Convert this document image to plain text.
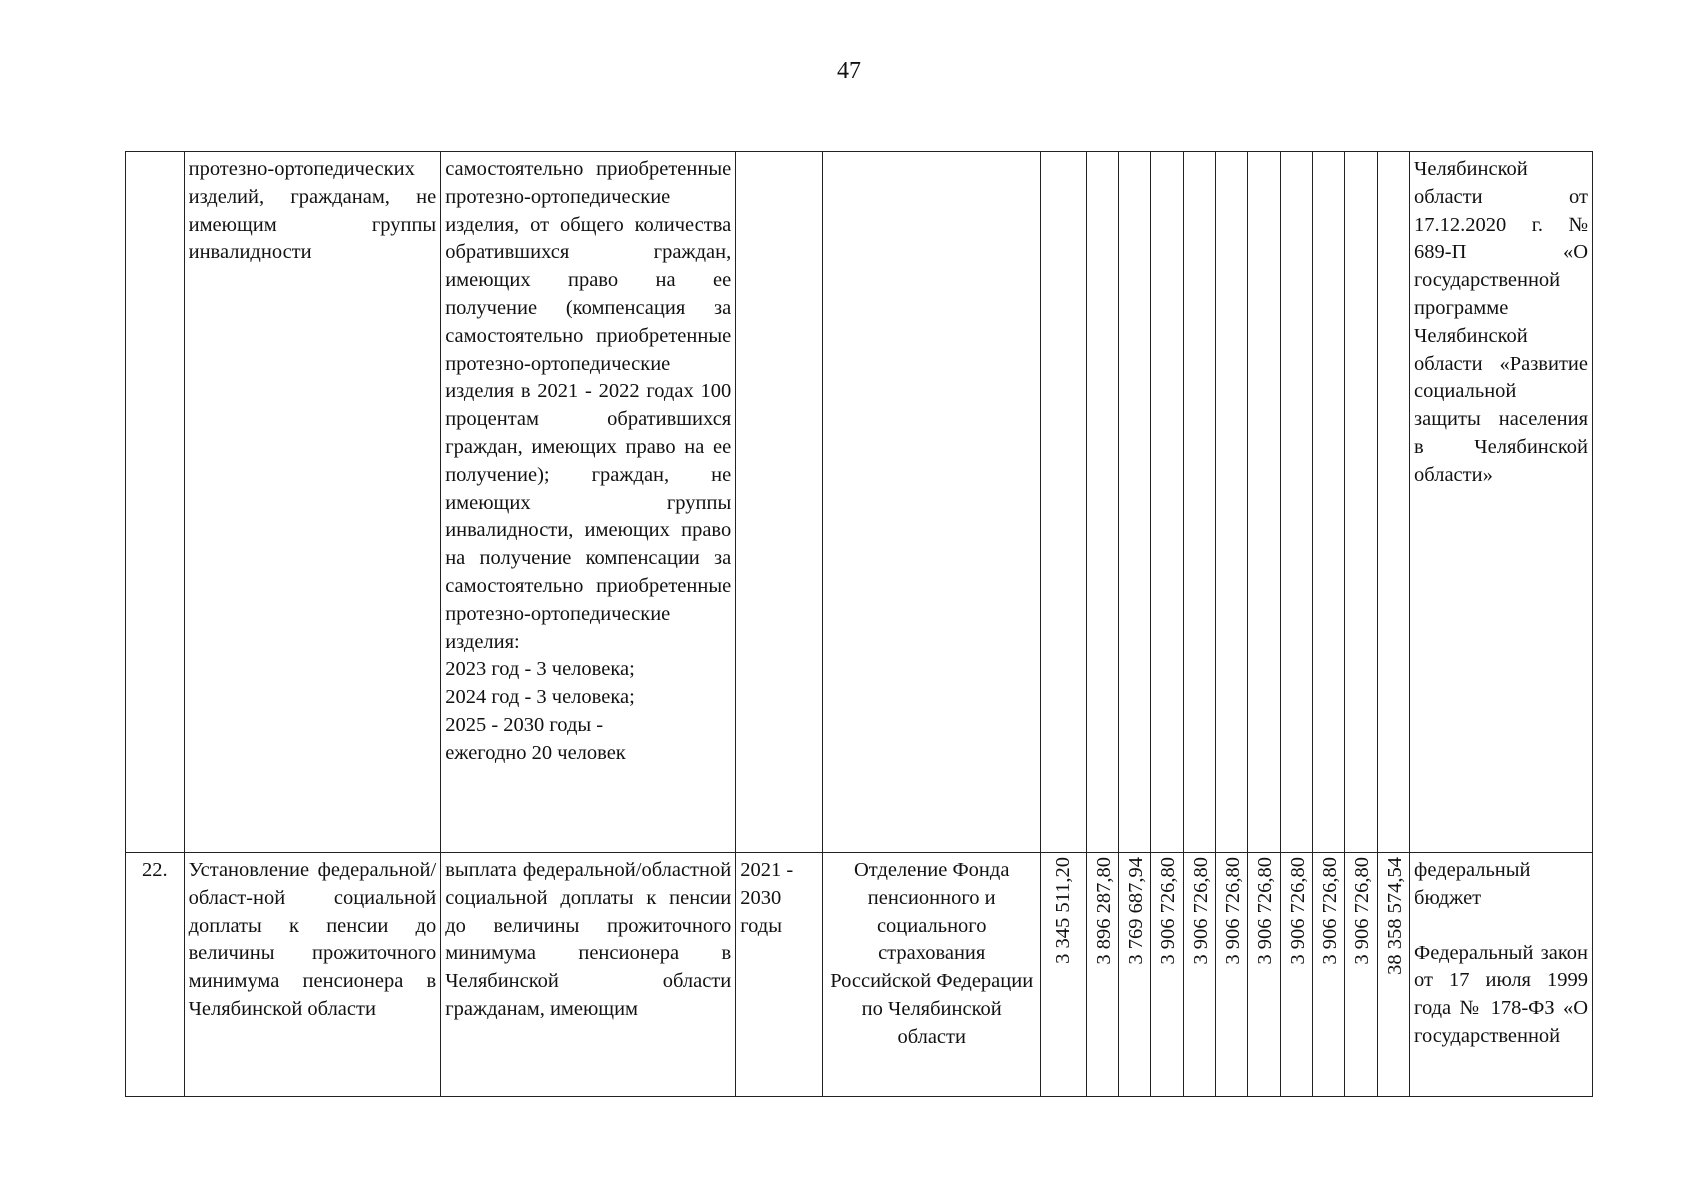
47
	протезно-ортопедических изделий, гражданам, не имеющим группы инвалидности	самостоятельно приобретенные протезно-ортопедические изделия, от общего количества обратившихся граждан, имеющих право на ее получение (компенсация за самостоятельно приобретенные протезно-ортопедические изделия в 2021 - 2022 годах 100 процентам обратившихся граждан, имеющих право на ее получение); граждан, не имеющих группы инвалидности, имеющих право на получение компенсации за самостоятельно приобретенные протезно-ортопедические изделия:
2023 год - 3 человека;
2024 год - 3 человека;
2025 - 2030 годы -
ежегодно 20 человек														Челябинской области от 17.12.2020 г. № 689-П «О государственной программе Челябинской области «Развитие социальной защиты населения в Челябинской области»
22.	Установление федеральной/област-ной социальной доплаты к пенсии до величины прожиточного минимума пенсионера в Челябинской области	выплата федеральной/областной социальной доплаты к пенсии до величины прожиточного минимума пенсионера в Челябинской области гражданам, имеющим	2021 - 2030 годы	Отделение Фонда пенсионного и социального страхования Российской Федерации по Челябинской области	3 345 511,20	3 896 287,80	3 769 687,94	3 906 726,80	3 906 726,80	3 906 726,80	3 906 726,80	3 906 726,80	3 906 726,80	3 906 726,80	38 358 574,54	федеральный бюджет
Федеральный закон от 17 июля 1999 года № 178-ФЗ «О государственной
